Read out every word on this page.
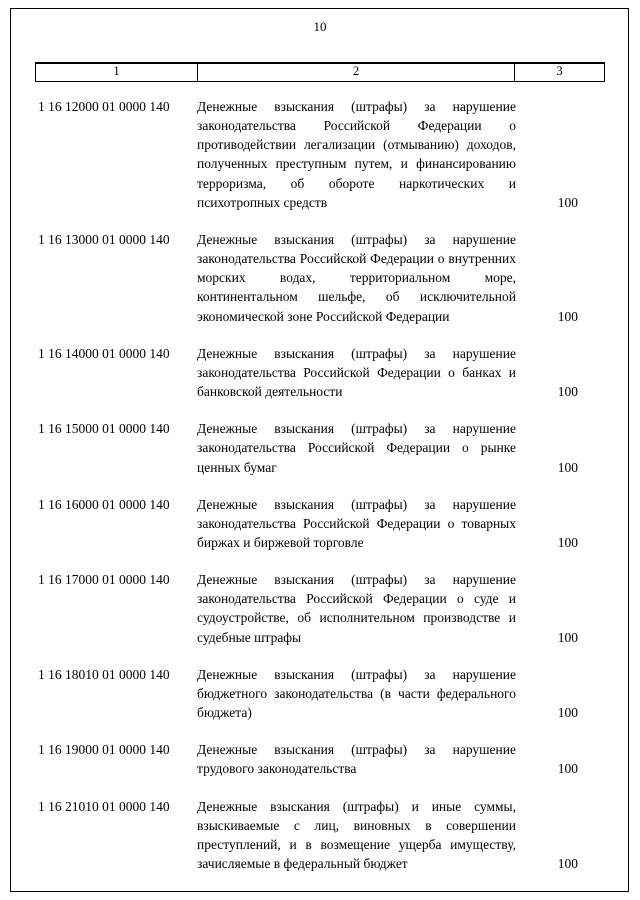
10
1	2	3
1 16 12000 01 0000 140	Денежные взыскания (штрафы) за нарушение законодательства Российской Федерации о противодействии легализации (отмыванию) доходов, полученных преступным путем, и финансированию терроризма, об обороте наркотических и психотропных средств	100
1 16 13000 01 0000 140	Денежные взыскания (штрафы) за нарушение законодательства Российской Федерации о внутренних морских водах, территориальном море, континентальном шельфе, об исключительной экономической зоне Российской Федерации	100
1 16 14000 01 0000 140	Денежные взыскания (штрафы) за нарушение законодательства Российской Федерации о банках и банковской деятельности	100
1 16 15000 01 0000 140	Денежные взыскания (штрафы) за нарушение законодательства Российской Федерации о рынке ценных бумаг	100
1 16 16000 01 0000 140	Денежные взыскания (штрафы) за нарушение законодательства Российской Федерации о товарных биржах и биржевой торговле	100
1 16 17000 01 0000 140	Денежные взыскания (штрафы) за нарушение законодательства Российской Федерации о суде и судоустройстве, об исполнительном производстве и судебные штрафы	100
1 16 18010 01 0000 140	Денежные взыскания (штрафы) за нарушение бюджетного законодательства (в части федерального бюджета)	100
1 16 19000 01 0000 140	Денежные взыскания (штрафы) за нарушение трудового законодательства	100
1 16 21010 01 0000 140	Денежные взыскания (штрафы) и иные суммы, взыскиваемые с лиц, виновных в совершении преступлений, и в возмещение ущерба имуществу, зачисляемые в федеральный бюджет	100
